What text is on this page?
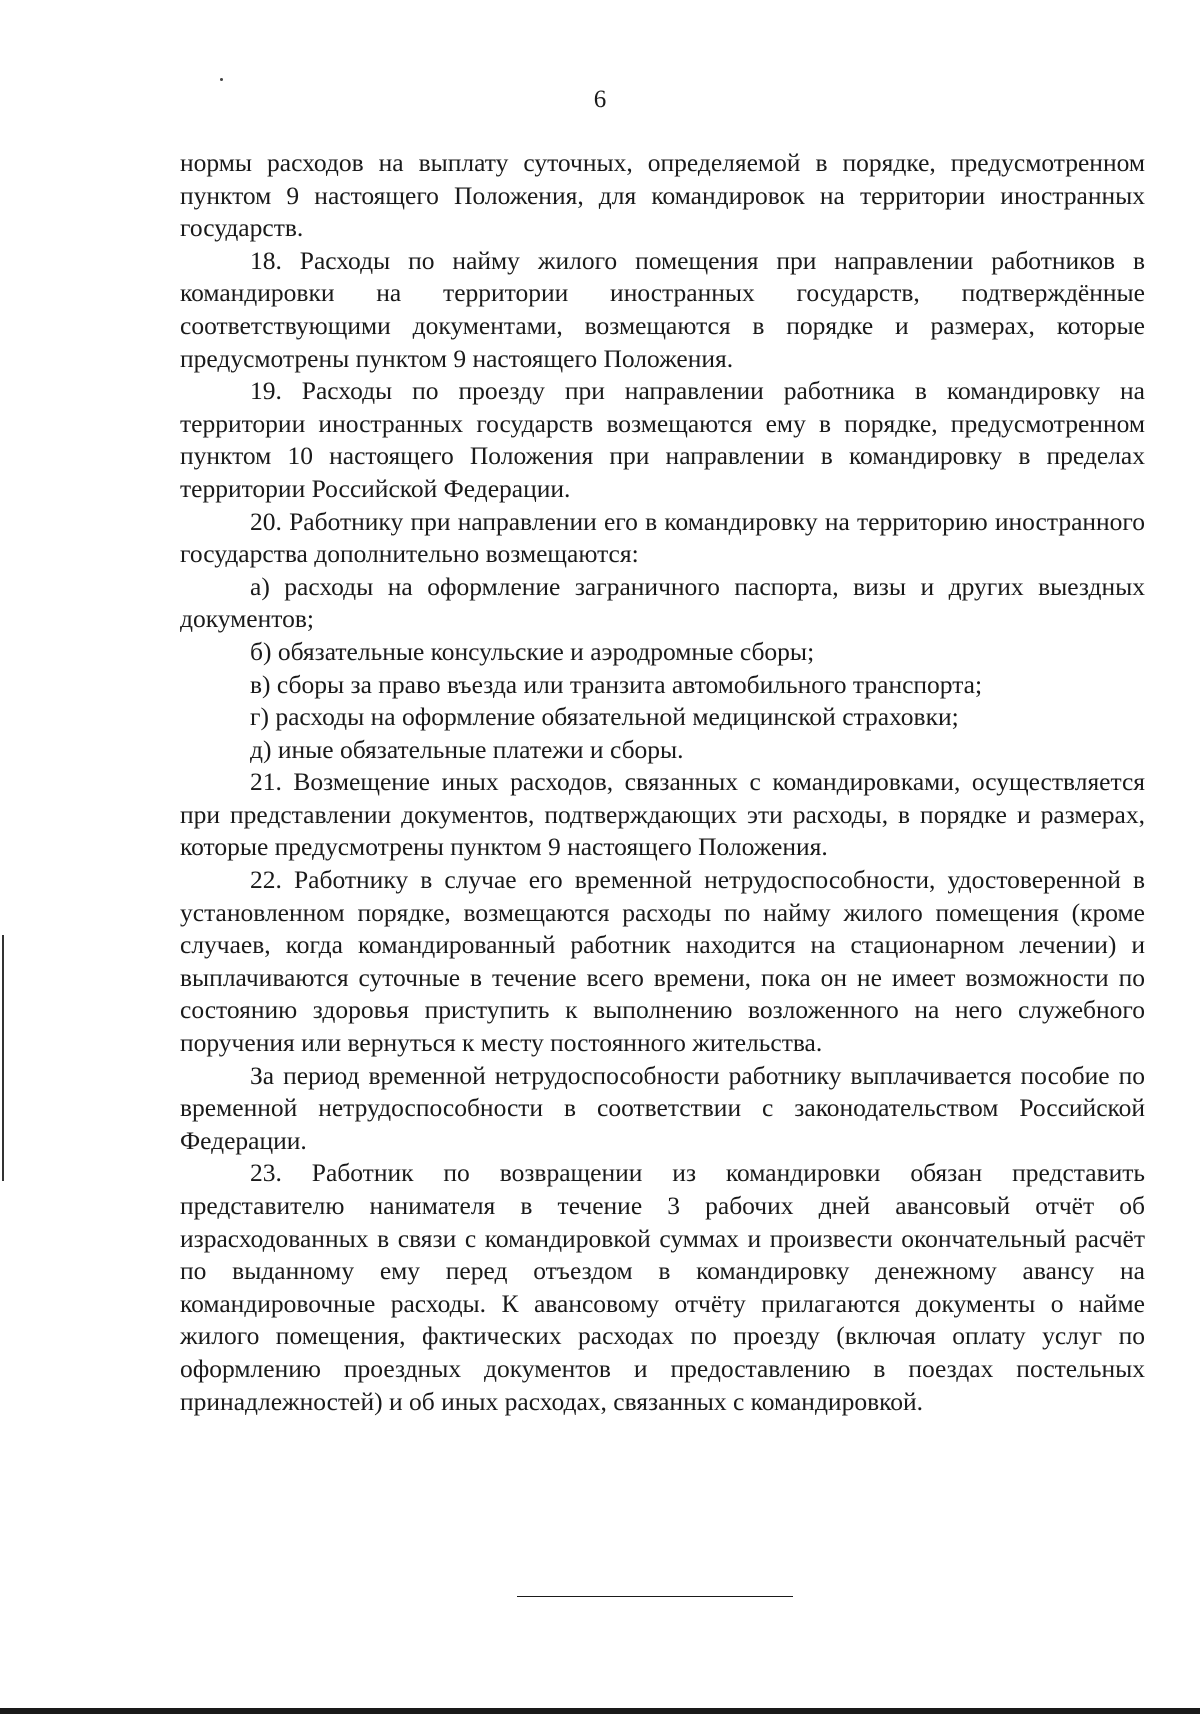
6

нормы расходов на выплату суточных, определяемой в порядке, предусмотренном пунктом 9 настоящего Положения, для командировок на территории иностранных государств.

18. Расходы по найму жилого помещения при направлении работников в командировки на территории иностранных государств, подтверждённые соответствующими документами, возмещаются в порядке и размерах, которые предусмотрены пунктом 9 настоящего Положения.

19. Расходы по проезду при направлении работника в командировку на территории иностранных государств возмещаются ему в порядке, предусмотренном пунктом 10 настоящего Положения при направлении в командировку в пределах территории Российской Федерации.

20. Работнику при направлении его в командировку на территорию иностранного государства дополнительно возмещаются:

а) расходы на оформление заграничного паспорта, визы и других выездных документов;

б) обязательные консульские и аэродромные сборы;

в) сборы за право въезда или транзита автомобильного транспорта;

г) расходы на оформление обязательной медицинской страховки;

д) иные обязательные платежи и сборы.

21. Возмещение иных расходов, связанных с командировками, осуществляется при представлении документов, подтверждающих эти расходы, в порядке и размерах, которые предусмотрены пунктом 9 настоящего Положения.

22. Работнику в случае его временной нетрудоспособности, удостоверенной в установленном порядке, возмещаются расходы по найму жилого помещения (кроме случаев, когда командированный работник находится на стационарном лечении) и выплачиваются суточные в течение всего времени, пока он не имеет возможности по состоянию здоровья приступить к выполнению возложенного на него служебного поручения или вернуться к месту постоянного жительства.

За период временной нетрудоспособности работнику выплачивается пособие по временной нетрудоспособности в соответствии с законодательством Российской Федерации.

23. Работник по возвращении из командировки обязан представить представителю нанимателя в течение 3 рабочих дней авансовый отчёт об израсходованных в связи с командировкой суммах и произвести окончательный расчёт по выданному ему перед отъездом в командировку денежному авансу на командировочные расходы. К авансовому отчёту прилагаются документы о найме жилого помещения, фактических расходах по проезду (включая оплату услуг по оформлению проездных документов и предоставлению в поездах постельных принадлежностей) и об иных расходах, связанных с командировкой.
